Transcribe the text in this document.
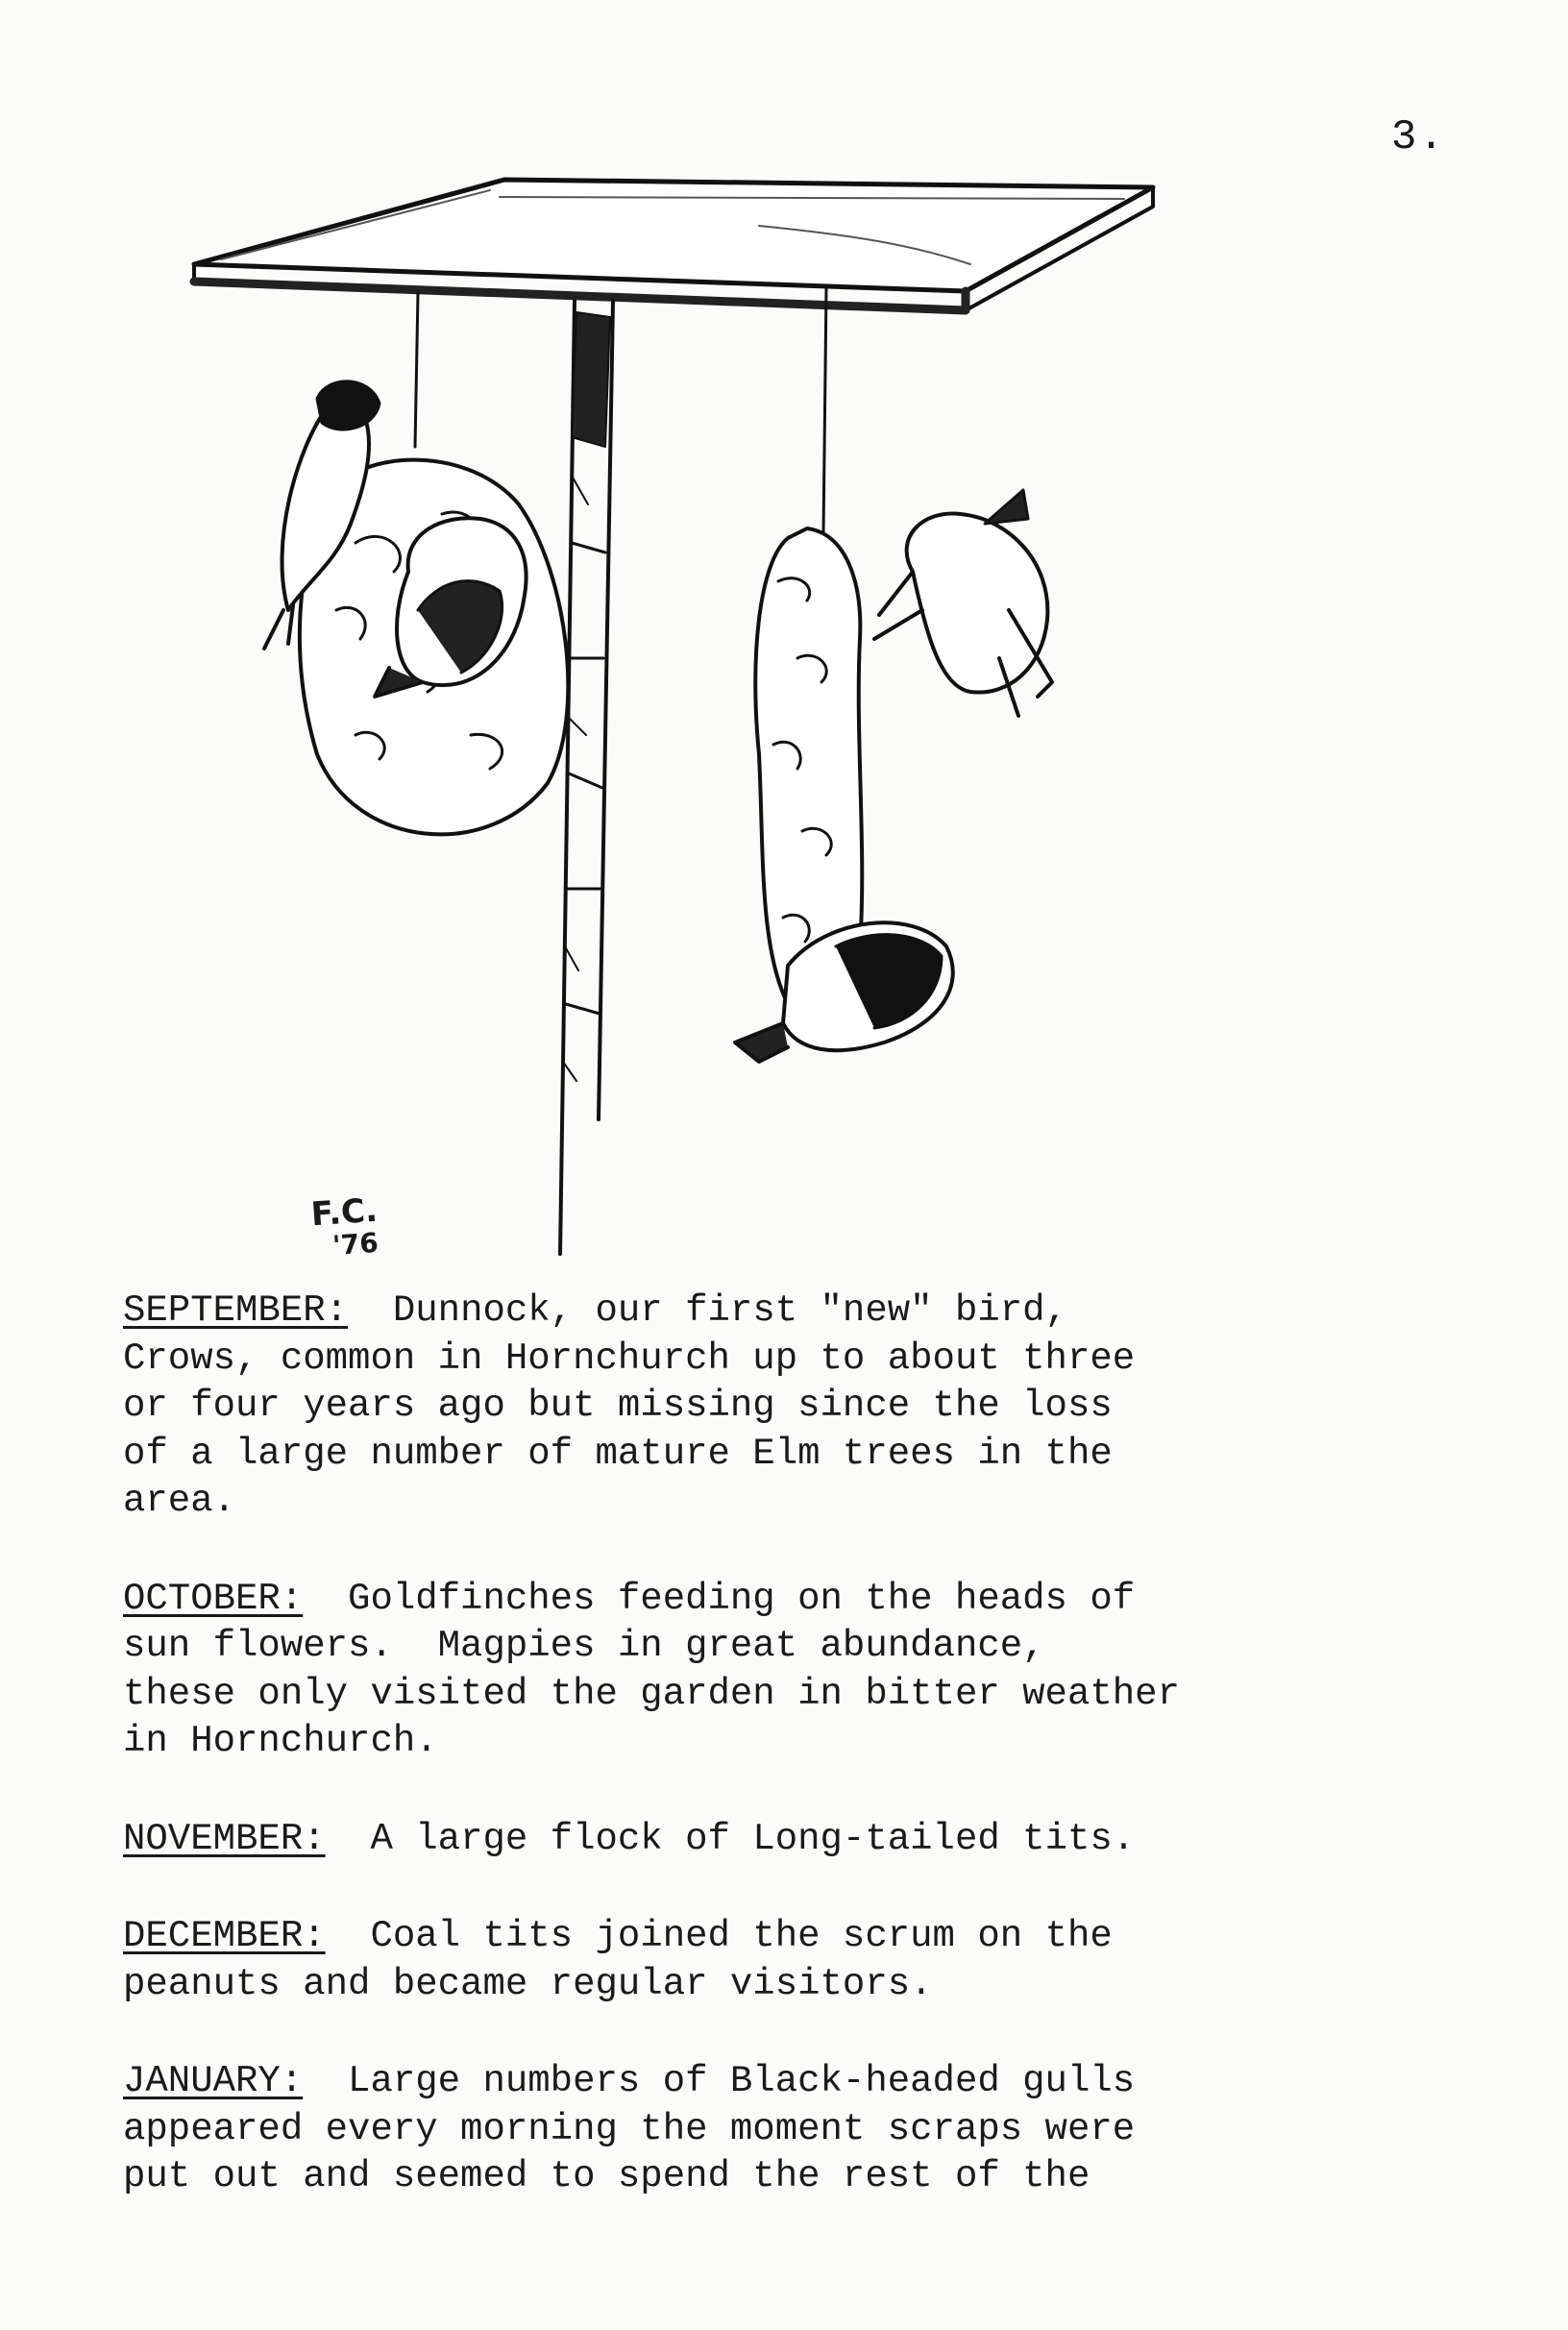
3.
F.C.
'76
SEPTEMBER:  Dunnock, our first "new" bird,
Crows, common in Hornchurch up to about three
or four years ago but missing since the loss
of a large number of mature Elm trees in the
area.
OCTOBER:  Goldfinches feeding on the heads of
sun flowers.  Magpies in great abundance,
these only visited the garden in bitter weather
in Hornchurch.
NOVEMBER:  A large flock of Long-tailed tits.
DECEMBER:  Coal tits joined the scrum on the
peanuts and became regular visitors.
JANUARY:  Large numbers of Black-headed gulls
appeared every morning the moment scraps were
put out and seemed to spend the rest of the
